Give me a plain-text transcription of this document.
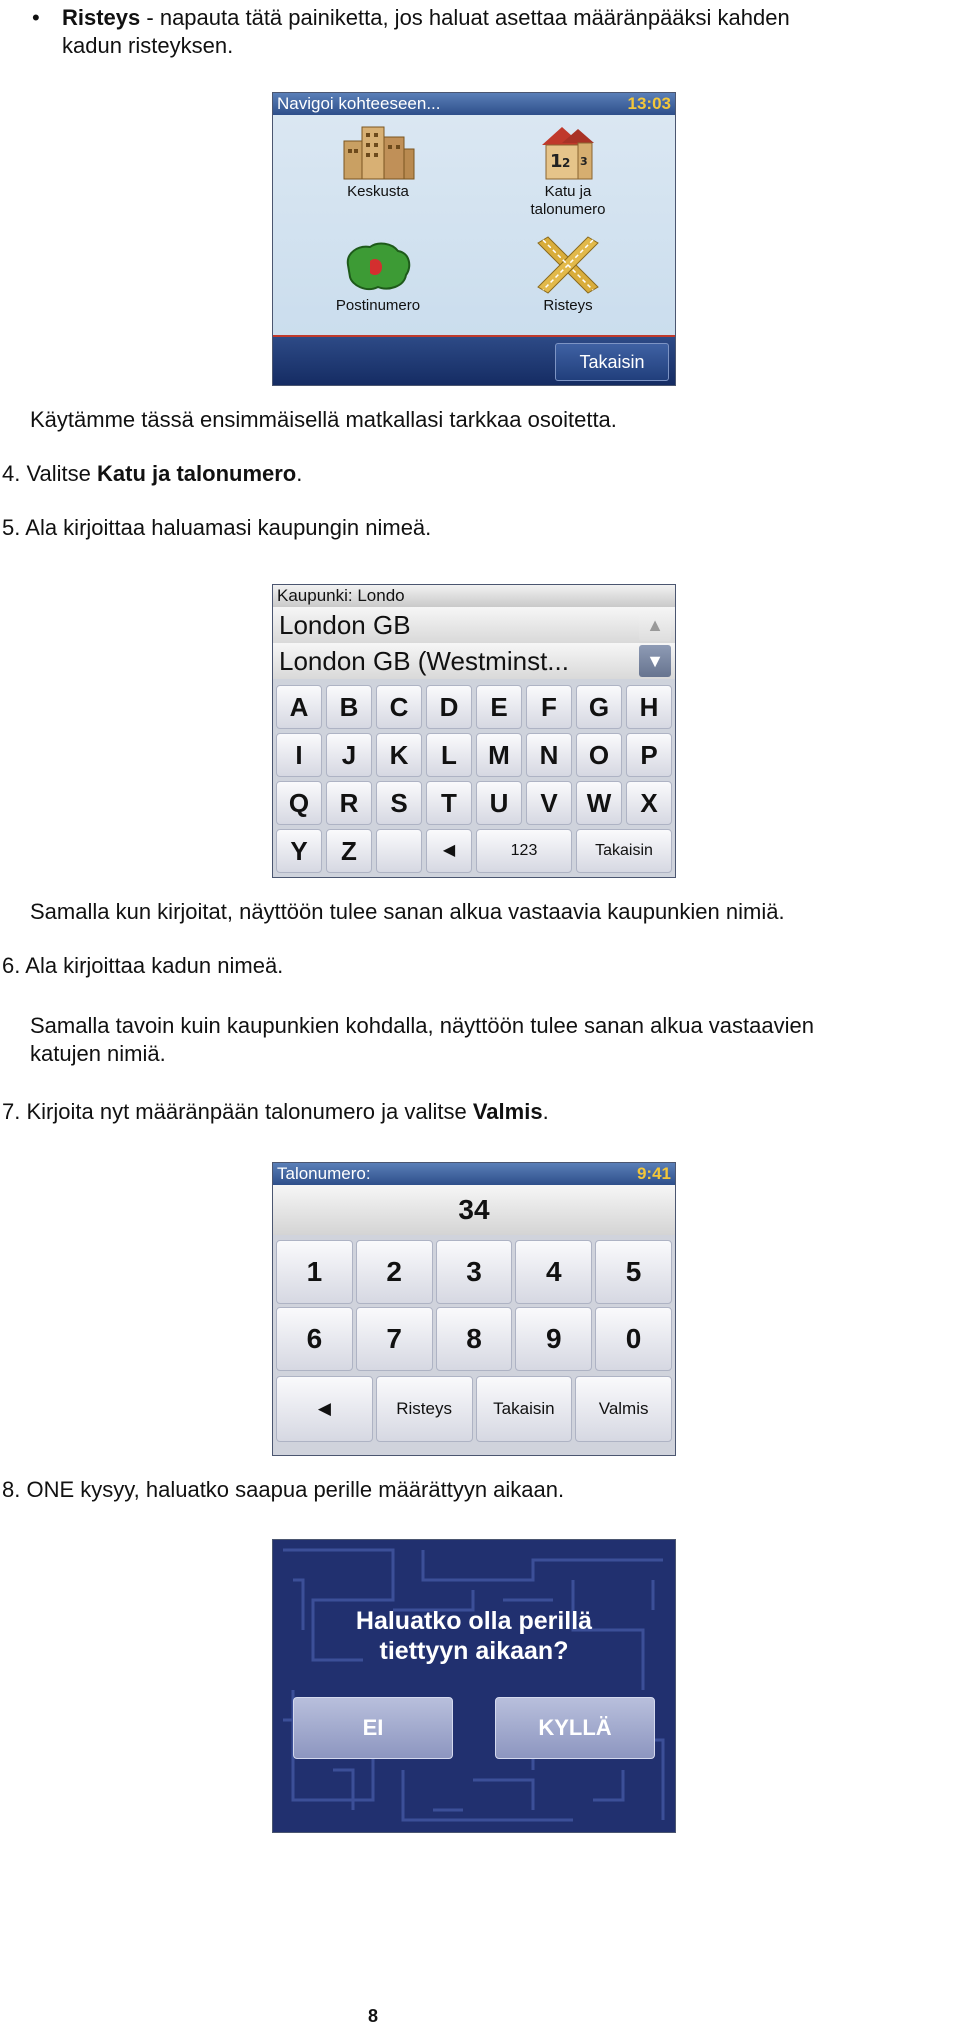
• Risteys - napauta tätä painiketta, jos haluat asettaa määränpääksi kahden

kadun risteyksen.

Navigoi kohteeseen...	13:03
Keskusta
1 2 3
Katu ja talonumero
Postinumero	Risteys
Takaisin

Käytämme tässä ensimmäisellä matkallasi tarkkaa osoitetta.

4. Valitse Katu ja talonumero.

5. Ala kirjoittaa haluamasi kaupungin nimeä.

Kaupunki: Londo
London GB	▲
London GB (Westminst...	▼
A	B	C	D	E	F	G	H
I	J	K	L	M	N	O	P
Q	R	S	T	U	V	W	X
Y	Z	◀	123	Takaisin

Samalla kun kirjoitat, näyttöön tulee sanan alkua vastaavia kaupunkien nimiä.

6. Ala kirjoittaa kadun nimeä.

Samalla tavoin kuin kaupunkien kohdalla, näyttöön tulee sanan alkua vastaavien

katujen nimiä.

7. Kirjoita nyt määränpään talonumero ja valitse Valmis.

Talonumero:	9:41
34
1	2	3	4	5
6	7	8	9	0
◀	Risteys	Takaisin	Valmis

8. ONE kysyy, haluatko saapua perille määrättyyn aikaan.

Haluatko olla perillä
tiettyyn aikaan?
EI	KYLLÄ
8
